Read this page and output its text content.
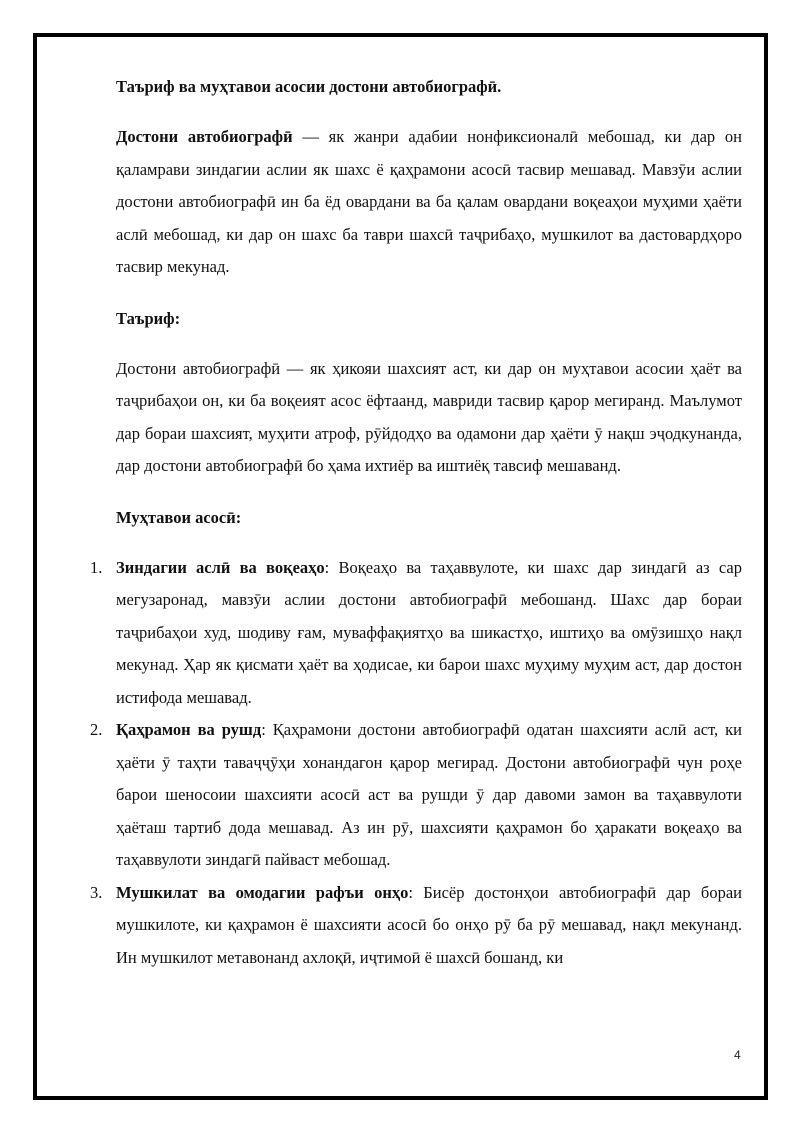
Таъриф ва муҳтавои асосии достони автобиографӣ.

Достони автобиографӣ — як жанри адабии нонфиксионалӣ мебошад, ки дар он қаламрави зиндагии аслии як шахс ё қаҳрамони асосӣ тасвир мешавад. Мавзӯи аслии достони автобиографӣ ин ба ёд овардани ва ба қалам овардани воқеаҳои муҳими ҳаёти аслӣ мебошад, ки дар он шахс ба таври шахсӣ таҷрибаҳо, мушкилот ва дастовардҳоро тасвир мекунад.

Таъриф:

Достони автобиографӣ — як ҳикояи шахсият аст, ки дар он муҳтавои асосии ҳаёт ва таҷрибаҳои он, ки ба воқеият асос ёфтаанд, мавриди тасвир қарор мегиранд. Маълумот дар бораи шахсият, муҳити атроф, рӯйдодҳо ва одамони дар ҳаёти ӯ нақш эҷодкунанда, дар достони автобиографӣ бо ҳама ихтиёр ва иштиёқ тавсиф мешаванд.

Муҳтавои асосӣ:

1. Зиндагии аслӣ ва воқеаҳо: Воқеаҳо ва таҳаввулоте, ки шахс дар зиндагӣ аз сар мегузаронад, мавзӯи аслии достони автобиографӣ мебошанд. Шахс дар бораи таҷрибаҳои худ, шодиву ғам, муваффақиятҳо ва шикастҳо, иштиҳо ва омӯзишҳо нақл мекунад. Ҳар як қисмати ҳаёт ва ҳодисае, ки барои шахс муҳиму муҳим аст, дар достон истифода мешавад.
2. Қаҳрамон ва рушд: Қаҳрамони достони автобиографӣ одатан шахсияти аслӣ аст, ки ҳаёти ӯ таҳти таваҷҷӯҳи хонандагон қарор мегирад. Достони автобиографӣ чун роҳе барои шеносоии шахсияти асосӣ аст ва рушди ӯ дар давоми замон ва таҳаввулоти ҳаёташ тартиб дода мешавад. Аз ин рӯ, шахсияти қаҳрамон бо ҳаракати воқеаҳо ва таҳаввулоти зиндагӣ пайваст мебошад.
3. Мушкилат ва омодагии рафъи онҳо: Бисёр достонҳои автобиографӣ дар бораи мушкилоте, ки қаҳрамон ё шахсияти асосӣ бо онҳо рӯ ба рӯ мешавад, нақл мекунанд. Ин мушкилот метавонанд ахлоқӣ, иҷтимоӣ ё шахсӣ бошанд, ки
4
